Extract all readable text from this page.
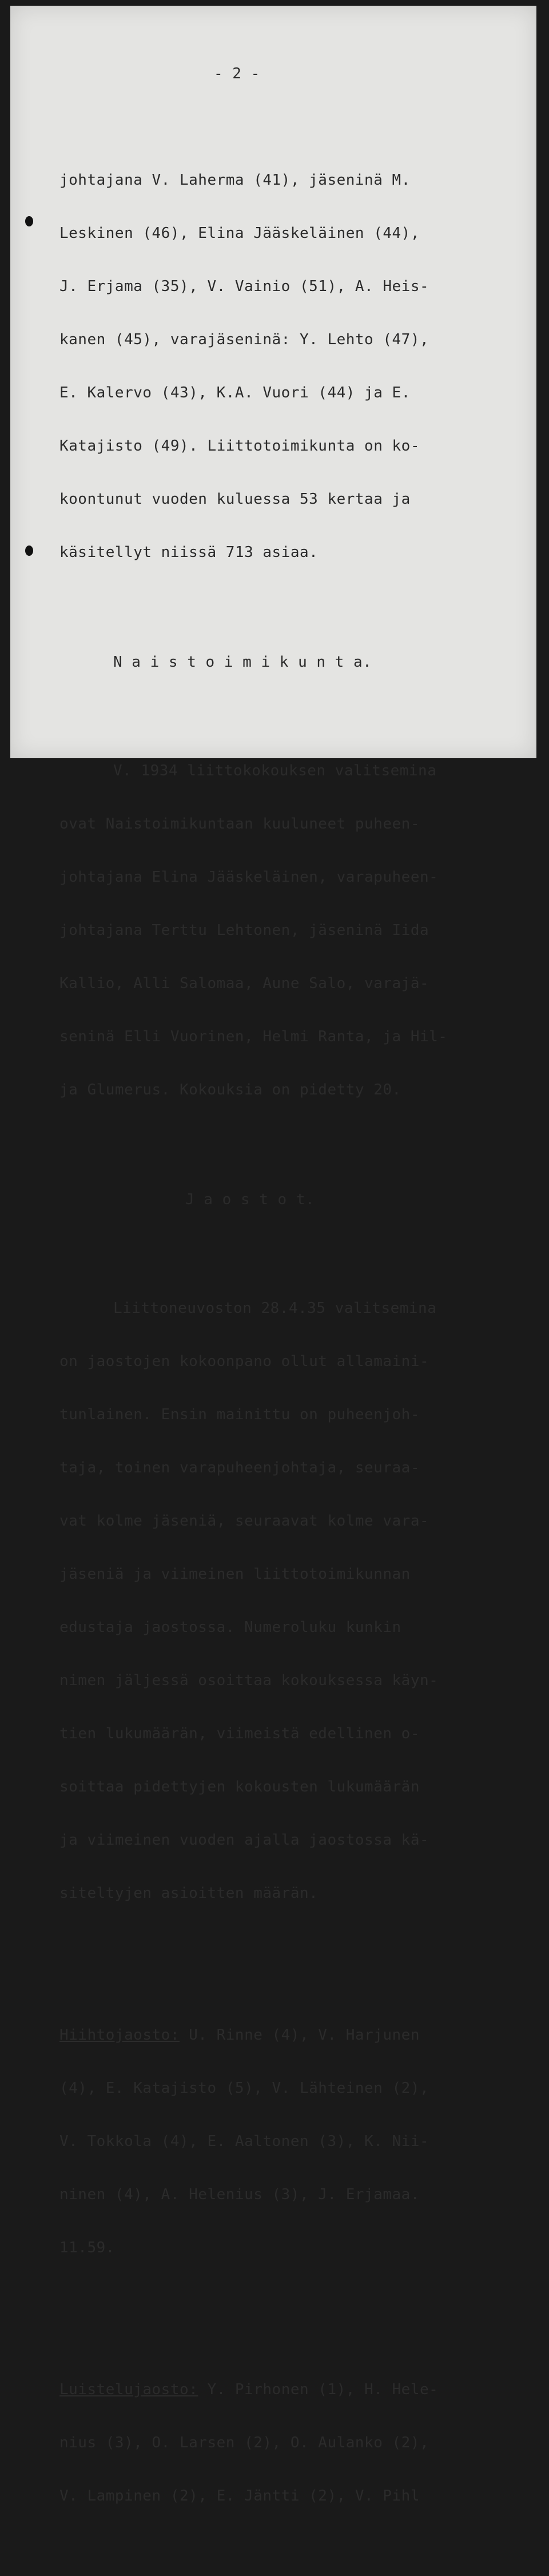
- 2 -

johtajana V. Laherma (41), jäseninä M.

Leskinen (46), Elina Jääskeläinen (44),

J. Erjama (35), V. Vainio (51), A. Heis-

kanen (45), varajäseninä: Y. Lehto (47),

E. Kalervo (43), K.A. Vuori (44) ja E.

Katajisto (49). Liittotoimikunta on ko-

koontunut vuoden kuluessa 53 kertaa ja

käsitellyt niissä 713 asiaa.

N a i s t o i m i k u n t a.

V. 1934 liittokokouksen valitsemina

ovat Naistoimikuntaan kuuluneet puheen-

johtajana Elina Jääskeläinen, varapuheen-

johtajana Terttu Lehtonen, jäseninä Iida

Kallio, Alli Salomaa, Aune Salo, varajä-

seninä Elli Vuorinen, Helmi Ranta, ja Hil-

ja Glumerus. Kokouksia on pidetty 20.

J a o s t o t.

Liittoneuvoston 28.4.35 valitsemina

on jaostojen kokoonpano ollut allamaini-

tunlainen. Ensin mainittu on puheenjoh-

taja, toinen varapuheenjohtaja, seuraa-

vat kolme jäseniä, seuraavat kolme vara-

jäseniä ja viimeinen liittotoimikunnan

edustaja jaostossa. Numeroluku kunkin

nimen jäljessä osoittaa kokouksessa käyn-

tien lukumäärän, viimeistä edellinen o-

soittaa pidettyjen kokousten lukumäärän

ja viimeinen vuoden ajalla jaostossa kä-

siteltyjen asioitten määrän.

Hiihtojaosto: U. Rinne (4), V. Harjunen

(4), E. Katajisto (5), V. Lähteinen (2),

V. Tokkola (4), E. Aaltonen (3), K. Nii-

ninen (4), A. Helenius (3), J. Erjamaa.

11.59.

Luistelujaosto: Y. Pirhonen (1), H. Hele-

nius (3), O. Larsen (2), O. Aulanko (2),

V. Lampinen (2), E. Jäntti (2), V. Pihl
